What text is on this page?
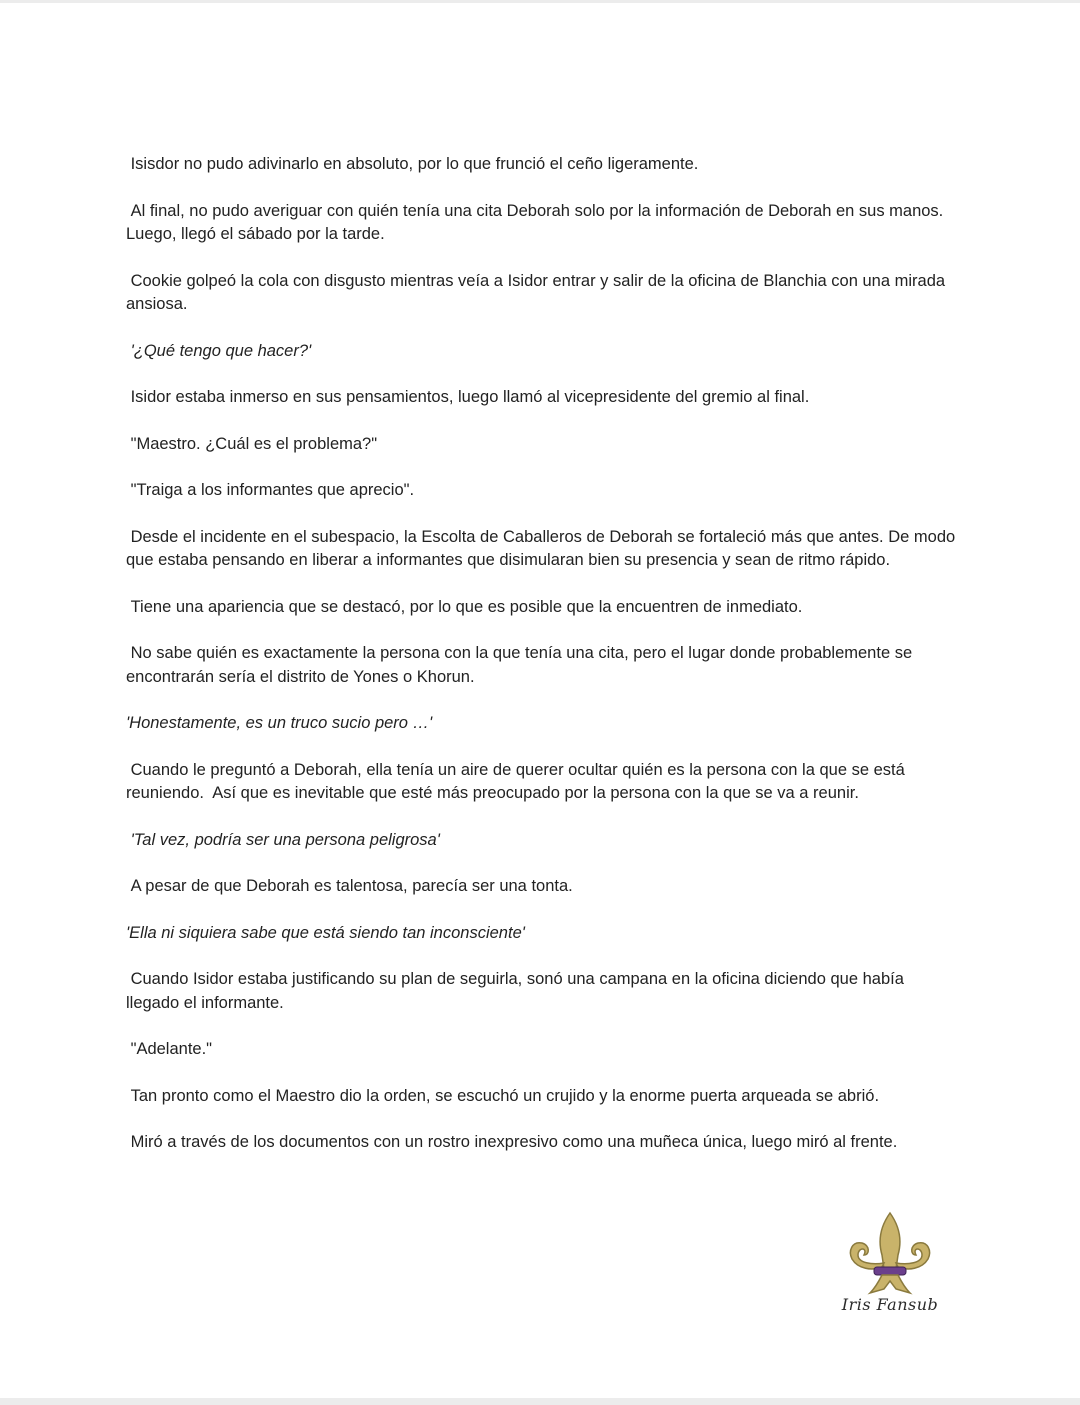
Isisdor no pudo adivinarlo en absoluto, por lo que frunció el ceño ligeramente.

Al final, no pudo averiguar con quién tenía una cita Deborah solo por la información de Deborah en sus manos.  Luego, llegó el sábado por la tarde.

Cookie golpeó la cola con disgusto mientras veía a Isidor entrar y salir de la oficina de Blanchia con una mirada ansiosa.

'¿Qué tengo que hacer?'

Isidor estaba inmerso en sus pensamientos, luego llamó al vicepresidente del gremio al final.

"Maestro. ¿Cuál es el problema?"

"Traiga a los informantes que aprecio".

Desde el incidente en el subespacio, la Escolta de Caballeros de Deborah se fortaleció más que antes. De modo que estaba pensando en liberar a informantes que disimularan bien su presencia y sean de ritmo rápido.

Tiene una apariencia que se destacó, por lo que es posible que la encuentren de inmediato.

No sabe quién es exactamente la persona con la que tenía una cita, pero el lugar donde probablemente se encontrarán sería el distrito de Yones o Khorun.

'Honestamente, es un truco sucio pero …'

Cuando le preguntó a Deborah, ella tenía un aire de querer ocultar quién es la persona con la que se está reuniendo.  Así que es inevitable que esté más preocupado por la persona con la que se va a reunir.

'Tal vez, podría ser una persona peligrosa'

A pesar de que Deborah es talentosa, parecía ser una tonta.

'Ella ni siquiera sabe que está siendo tan inconsciente'

Cuando Isidor estaba justificando su plan de seguirla, sonó una campana en la oficina diciendo que había llegado el informante.

"Adelante."

Tan pronto como el Maestro dio la orden, se escuchó un crujido y la enorme puerta arqueada se abrió.

Miró a través de los documentos con un rostro inexpresivo como una muñeca única, luego miró al frente.

Iris Fansub
